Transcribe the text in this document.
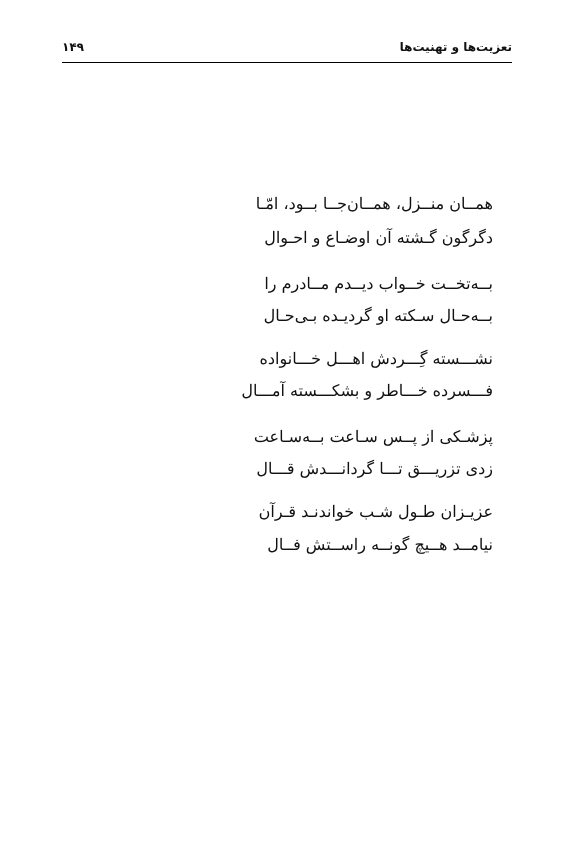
تعزیت‌ها و تهنیت‌ها
۱۴۹
همــان منــزل، همــان‌جــا بــود، امّـا
دگرگون گـشته آن اوضـاع و احـوال
بــه‌تخــت خــواب دیــدم مــادرم را
بــه‌حـال سـکته او گردیـده بـی‌حـال
نشـــسته گِـــردش اهـــل خـــانواده
فـــسرده خـــاطر و بشکـــسته آمـــال
پزشـکی از پــس سـاعت بــه‌سـاعت
زدی تزریـــق تـــا گردانـــدش قـــال
عزیـزان طـول شـب خواندنـد قـرآن
نیامــد هــیچ گونــه راســتش فــال
